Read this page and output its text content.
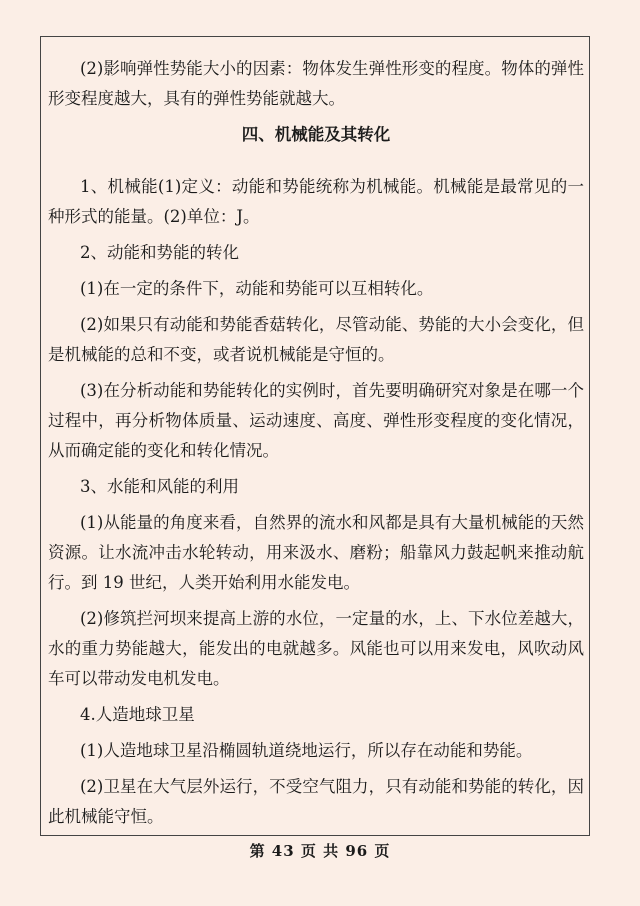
(2)影响弹性势能大小的因素：物体发生弹性形变的程度。物体的弹性形变程度越大，具有的弹性势能就越大。

四、机械能及其转化

1、机械能(1)定义：动能和势能统称为机械能。机械能是最常见的一种形式的能量。(2)单位：J。

2、动能和势能的转化

(1)在一定的条件下，动能和势能可以互相转化。

(2)如果只有动能和势能香菇转化，尽管动能、势能的大小会变化，但是机械能的总和不变，或者说机械能是守恒的。

(3)在分析动能和势能转化的实例时，首先要明确研究对象是在哪一个过程中，再分析物体质量、运动速度、高度、弹性形变程度的变化情况，从而确定能的变化和转化情况。

3、水能和风能的利用

(1)从能量的角度来看，自然界的流水和风都是具有大量机械能的天然资源。让水流冲击水轮转动，用来汲水、磨粉；船靠风力鼓起帆来推动航行。到 19 世纪，人类开始利用水能发电。

(2)修筑拦河坝来提高上游的水位，一定量的水，上、下水位差越大，水的重力势能越大，能发出的电就越多。风能也可以用来发电，风吹动风车可以带动发电机发电。

4.人造地球卫星

(1)人造地球卫星沿椭圆轨道绕地运行，所以存在动能和势能。

(2)卫星在大气层外运行，不受空气阻力，只有动能和势能的转化，因此机械能守恒。

第 43 页 共 96 页
